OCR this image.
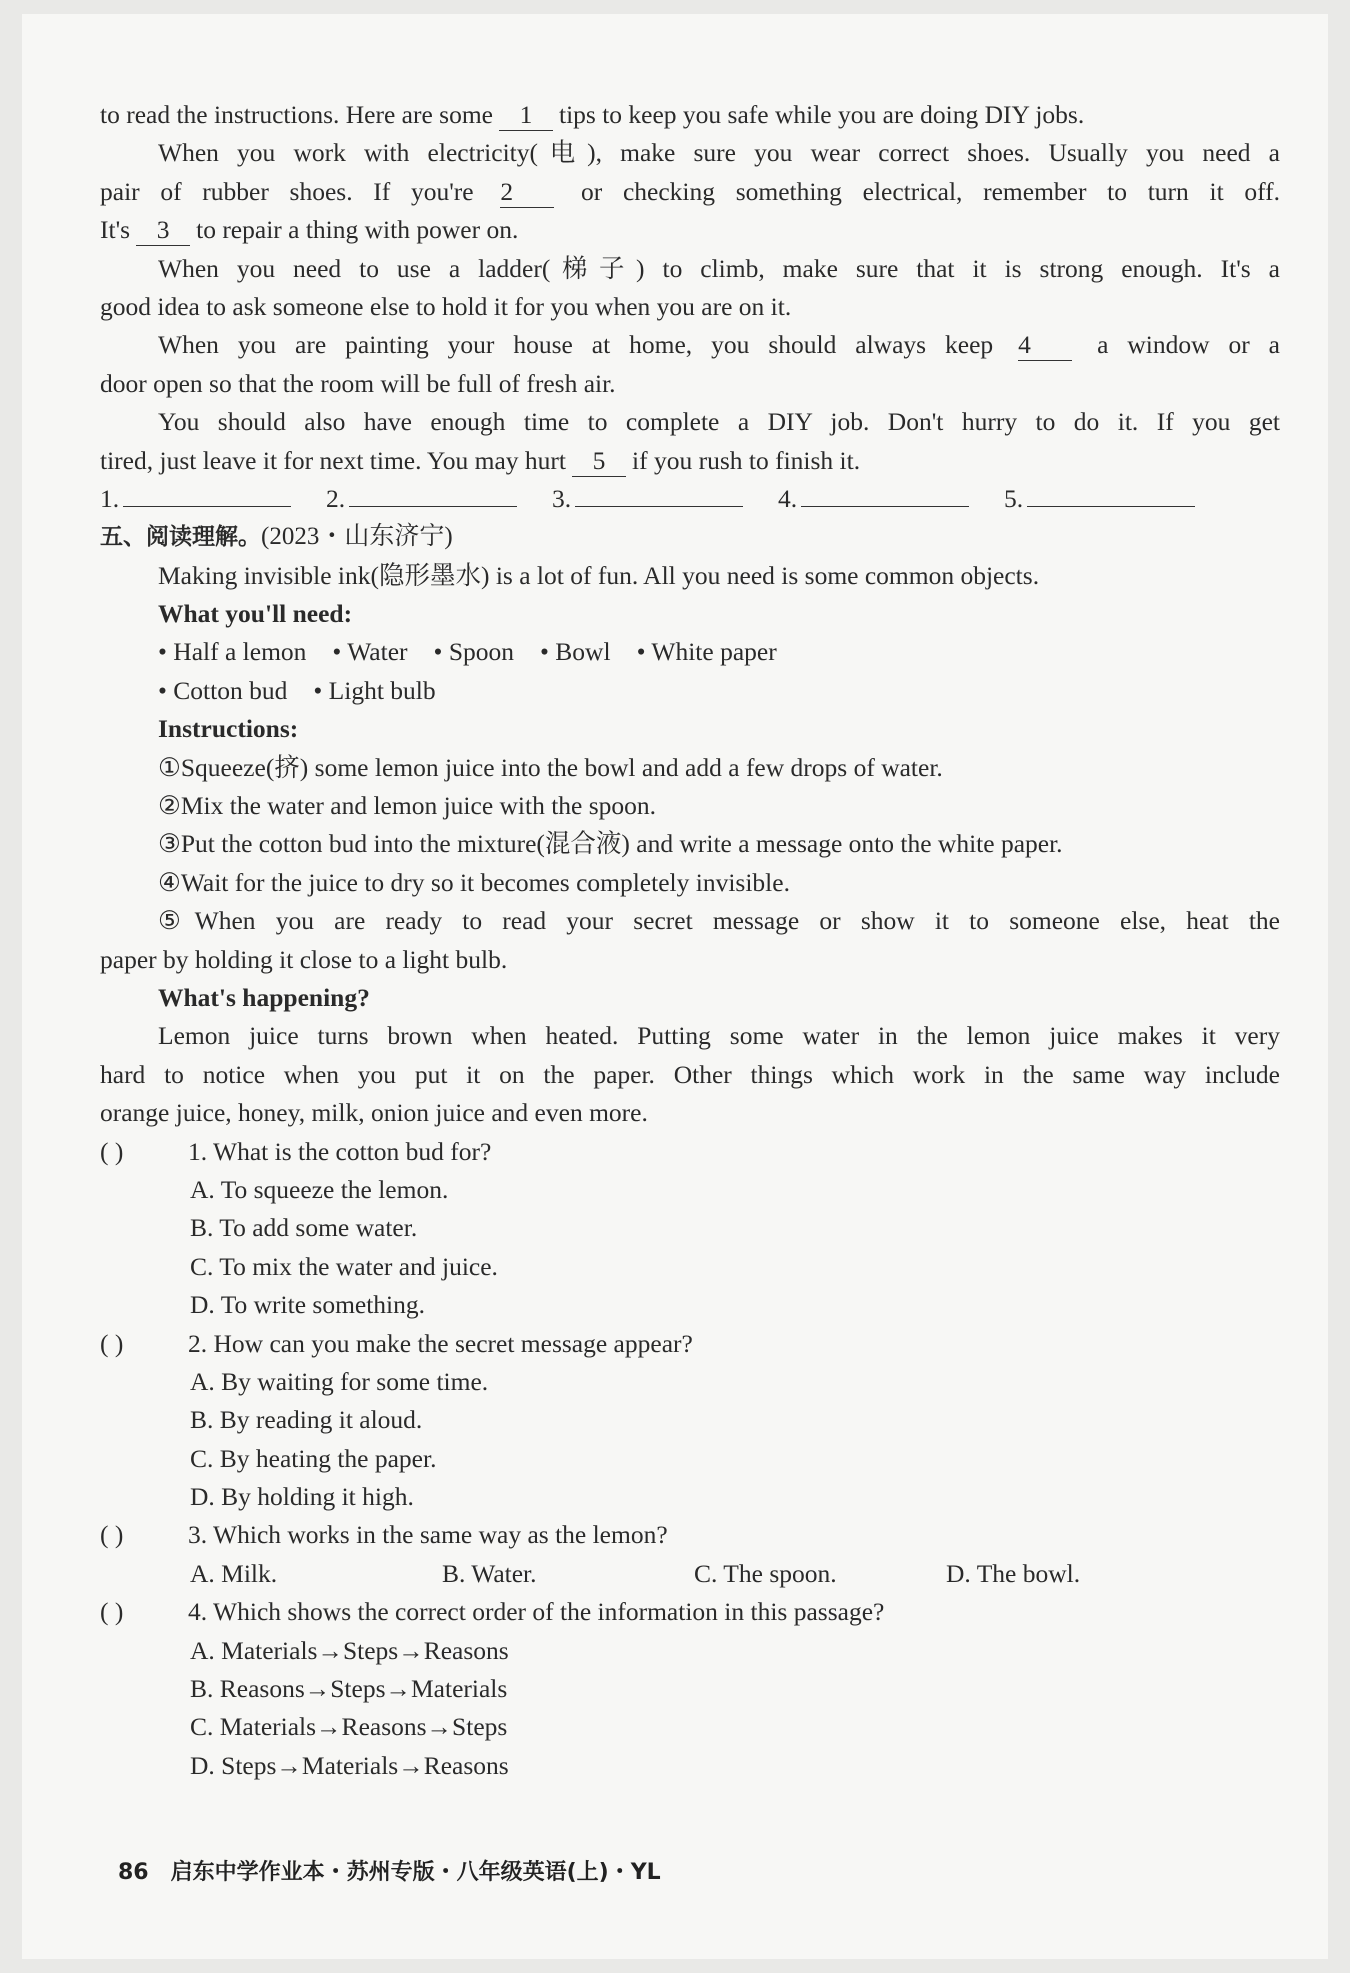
to read the instructions. Here are some 1 tips to keep you safe while you are doing DIY jobs.
When you work with electricity(电), make sure you wear correct shoes. Usually you need a
pair of rubber shoes. If you're 2	or checking something electrical, remember to turn it off.
It's 3 to repair a thing with power on.
When you need to use a ladder(梯子) to climb, make sure that it is strong enough. It's a
good idea to ask someone else to hold it for you when you are on it.
When you are painting your house at home, you should always keep 4	a window or a
door open so that the room will be full of fresh air.
You should also have enough time to complete a DIY job. Don't hurry to do it. If you get
tired, just leave it for next time. You may hurt 5 if you rush to finish it.
1.	2.	3.	4.	5.
五、阅读理解。(2023・山东济宁)
Making invisible ink(隐形墨水) is a lot of fun. All you need is some common objects.
What you'll need:
• Half a lemon • Water • Spoon • Bowl • White paper
• Cotton bud • Light bulb
Instructions:
①Squeeze(挤) some lemon juice into the bowl and add a few drops of water.
②Mix the water and lemon juice with the spoon.
③Put the cotton bud into the mixture(混合液) and write a message onto the white paper.
④Wait for the juice to dry so it becomes completely invisible.
⑤When you are ready to read your secret message or show it to someone else, heat the
paper by holding it close to a light bulb.
What's happening?
Lemon juice turns brown when heated. Putting some water in the lemon juice makes it very
hard to notice when you put it on the paper. Other things which work in the same way include
orange juice, honey, milk, onion juice and even more.
( )	1. What is the cotton bud for?
A. To squeeze the lemon.
B. To add some water.
C. To mix the water and juice.
D. To write something.
( )	2. How can you make the secret message appear?
A. By waiting for some time.
B. By reading it aloud.
C. By heating the paper.
D. By holding it high.
( )	3. Which works in the same way as the lemon?
A. Milk.	B. Water.	C. The spoon.	D. The bowl.
( )	4. Which shows the correct order of the information in this passage?
A. Materials→Steps→Reasons
B. Reasons→Steps→Materials
C. Materials→Reasons→Steps
D. Steps→Materials→Reasons
86 启东中学作业本・苏州专版・八年级英语(上)・YL
